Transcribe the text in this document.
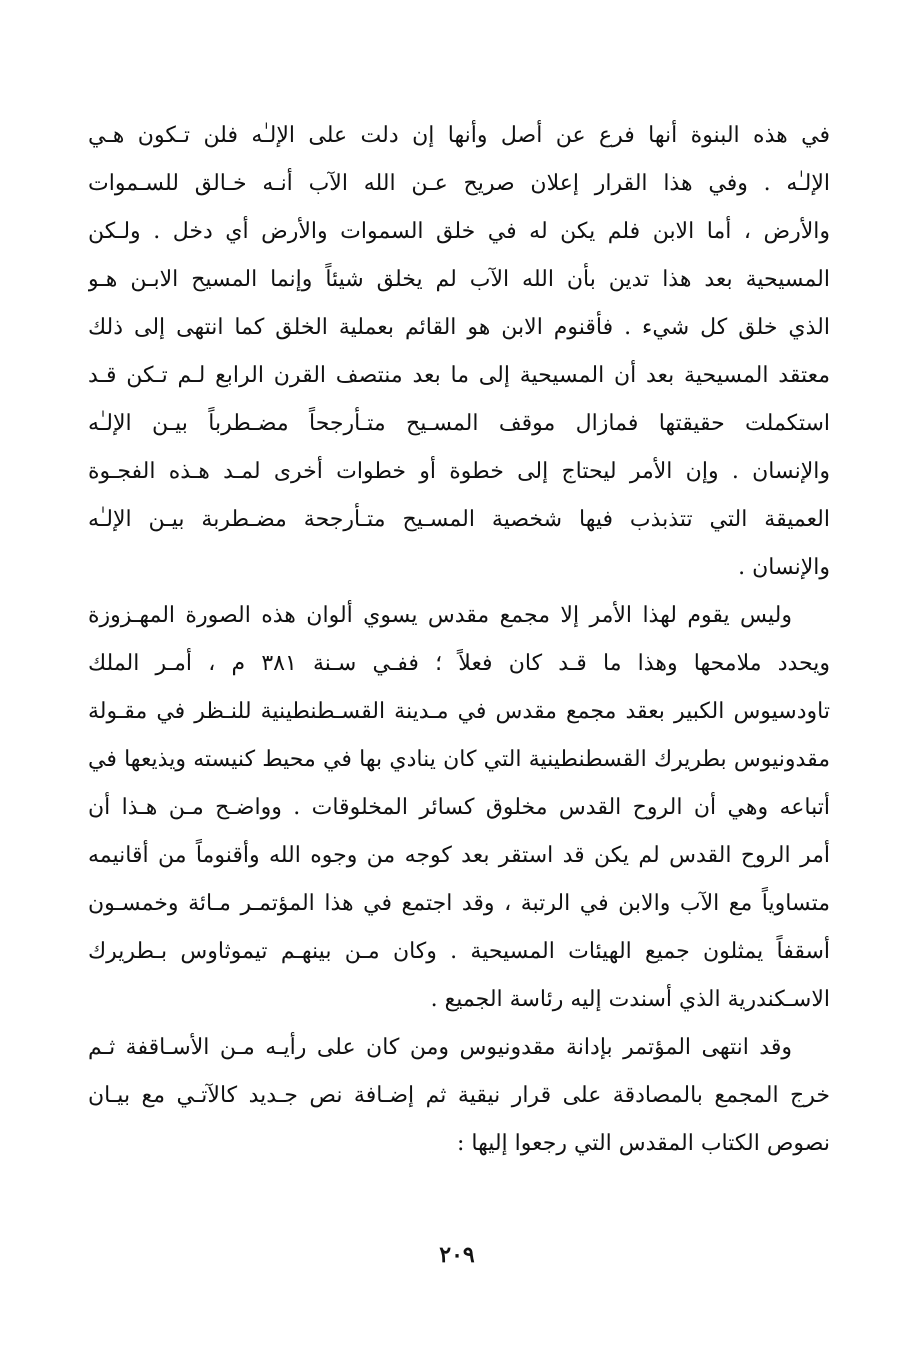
في هذه البنوة أنها فرع عن أصل وأنها إن دلت على الإلـٰه فلن تـكون هـي
الإلـٰه . وفي هذا القرار إعلان صريح عـن الله الآب أنـه خـالق للسـموات
والأرض ، أما الابن فلم يكن له في خلق السموات والأرض أي دخل . ولـكن
المسيحية بعد هذا تدين بأن الله الآب لم يخلق شيئاً وإنما المسيح الابـن هـو
الذي خلق كل شيء . فأقنوم الابن هو القائم بعملية الخلق كما انتهى إلى ذلك
معتقد المسيحية بعد أن المسيحية إلى ما بعد منتصف القرن الرابع لـم تـكن قـد
استكملت حقيقتها فمازال موقف المسـيح متـأرجحاً مضـطرباً بيـن الإلـٰه
والإنسان . وإن الأمر ليحتاج إلى خطوة أو خطوات أخرى لمـد هـذه الفجـوة
العميقة التي تتذبذب فيها شخصية المسـيح متـأرجحة مضـطربة بيـن الإلـٰه
والإنسان .
وليس يقوم لهذا الأمر إلا مجمع مقدس يسوي ألوان هذه الصورة المهـزوزة
ويحدد ملامحها وهذا ما قـد كان فعلاً ؛ ففـي سـنة ٣٨١ م ، أمـر الملك
تاودسيوس الكبير بعقد مجمع مقدس في مـدينة القسـطنطينية للنـظر في مقـولة
مقدونيوس بطريرك القسطنطينية التي كان ينادي بها في محيط كنيسته ويذيعها في
أتباعه وهي أن الروح القدس مخلوق كسائر المخلوقات . وواضـح مـن هـذا أن
أمر الروح القدس لم يكن قد استقر بعد كوجه من وجوه الله وأقنوماً من أقانيمه
متساوياً مع الآب والابن في الرتبة ، وقد اجتمع في هذا المؤتمـر مـائة وخمسـون
أسقفاً يمثلون جميع الهيئات المسيحية . وكان مـن بينهـم تيموثاوس بـطريرك
الاسـكندرية الذي أسندت إليه رئاسة الجميع .
وقد انتهى المؤتمر بإدانة مقدونيوس ومن كان على رأيـه مـن الأسـاقفة ثـم
خرج المجمع بالمصادقة على قرار نيقية ثم إضـافة نص جـديد كالآتـي مع بيـان
نصوص الكتاب المقدس التي رجعوا إليها :
٢٠٩
